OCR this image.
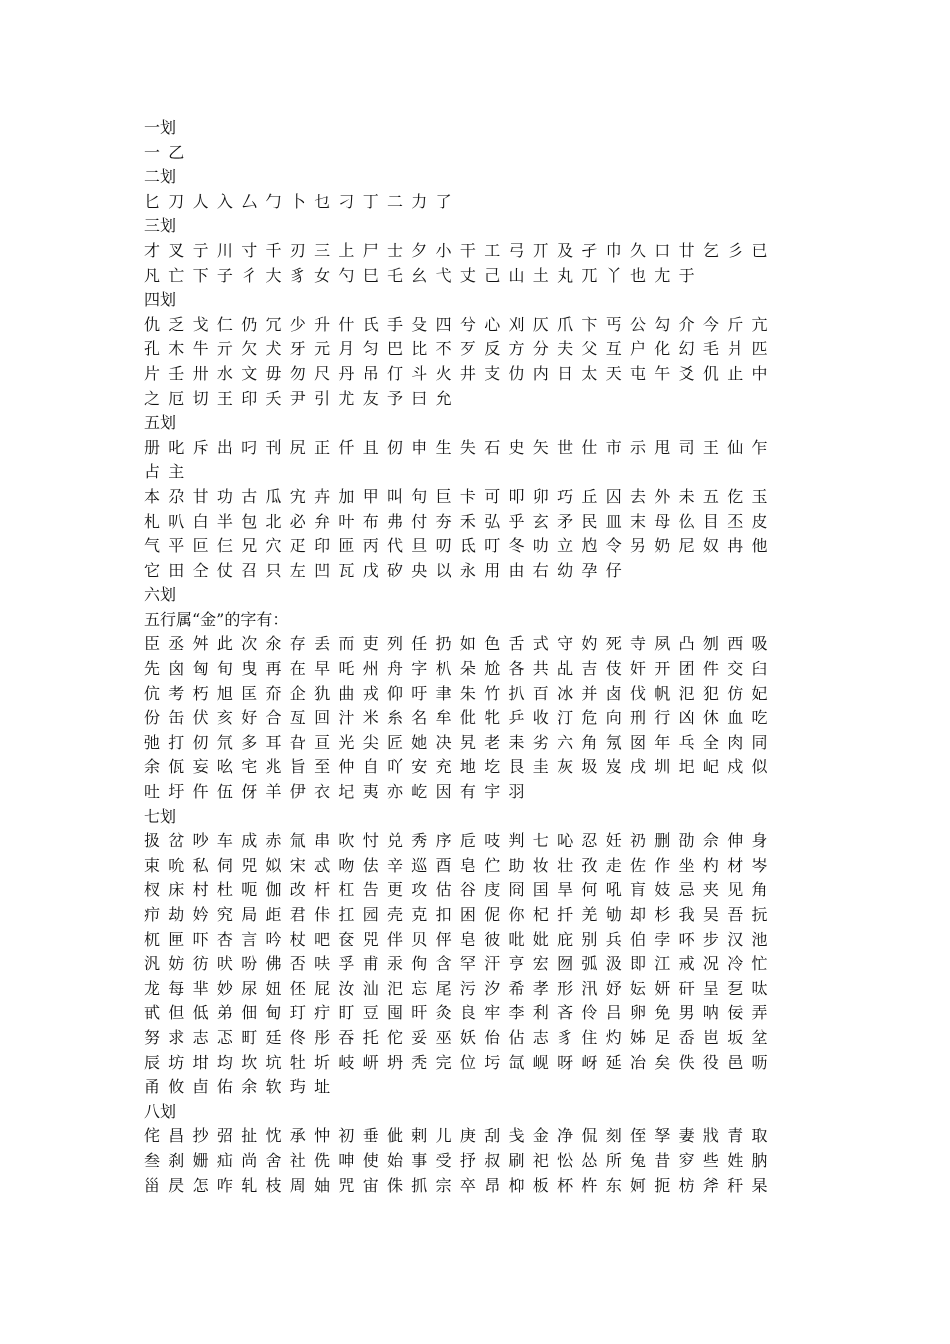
一划
一乙
二划
匕刀人入厶勹卜乜刁丁二力了
三划
才叉亍川寸千刃三上尸士夕小干工弓丌及孑巾久口廿乞彡已
凡亡下子彳大豸女勺巳乇幺弋丈己山土丸兀丫也尢于
四划
仇乏戈仁仍冗少升什氏手殳四兮心刈仄爪卞丐公勾介今斤亢
孔木牛亓欠犬牙元月匀巴比不歹反方分夫父互户化幻毛爿匹
片壬卅水文毋勿尺丹吊仃斗火井支仂内日太天屯午爻仉止中
之厄切王印夭尹引尤友予曰允
五划
册叱斥出叼刊尻正仟且仞申生失石史矢世仕市示甩司王仙乍
占主
本尕甘功古瓜宄卉加甲叫句巨卡可叩卯巧丘囚去外未五仡玉
札叭白半包北必弁叶布弗付夯禾弘乎玄矛民皿末母仫目丕皮
气平叵仨兄穴疋印匝丙代旦叨氐叮冬叻立尥令另奶尼奴冉他
它田仝仗召只左凹瓦戊矽央以永用由右幼孕仔
六划
五行属“金”的字有：
臣丞舛此次氽存丢而吏列任扔如色舌式守妁死寺夙凸刎西吸
先囟匈旬曳再在早吒州舟字朳朵尬各共乩吉伎奸开团件交臼
伉考朽旭匡夼企犰曲戎仰吁聿朱竹扒百冰并卤伐帆氾犯仿妃
份缶伏亥好合亙回汁米糸名牟仳牝乒收汀危向刑行凶休血吃
弛打仞氘多耳旮亘光尖匠她决旯老耒劣六角氖囡年乓全肉同
余佤妄吆宅兆旨至仲自吖安充地圪艮圭灰圾岌戌圳圯屺戍似
吐圩仵伍伢羊伊衣圮夷亦屹因有宇羽
七划
扱岔吵车成赤氚串吹忖兑秀序卮吱判七吣忍妊礽删劭佘伸身
束吮私伺兕姒宋忒吻佉辛巡酉皂伫助妆壮孜走佐作坐杓材岑
杈床村杜呃伽改杆杠告更攻估谷庋冏囯旱何吼肓妓忌夹见角
疖劫妗究局歫君佧扛园壳克扣困伲你杞扦羌劬却杉我吴吾抏
杌匣吓杏言吟杖吧奁兕伴贝伻皂彼吡妣庇别兵伯孛吥步汉池
汎妨彷吠吩佛否呋孚甫汞佝含罕汗亨宏囫弧汲即江戒况冷忙
龙每芈妙尿妞伾屁汝汕汜忘尾污汐希孝形汛妤妘妍矸呈乭呔
甙但低弟佃甸玎疔盯豆囤旰灸良牢李利吝伶吕卵免男呐佞弄
努求志忑町廷佟彤吞托佗妥巫妖佁佔志豸住灼姊足岙岜坂坌
辰坊坩均坎坑牡圻岐岍坍秃完位圬氙岘呀岈延冶矣佚役邑呖
甬攸卣佑余软玙址
八划
侘昌抄弨扯忱承忡初垂佌剌儿庚刮戋金净侃刻侄孥妻戕青取
叁刹姗疝尚舍社侁呻使始事受抒叔刷祀忪怂所兔昔穸些姓肭
甾昃怎咋轧枝周妯咒宙侏抓宗卒昂枊板杯杵东妸扼枋斧秆杲
